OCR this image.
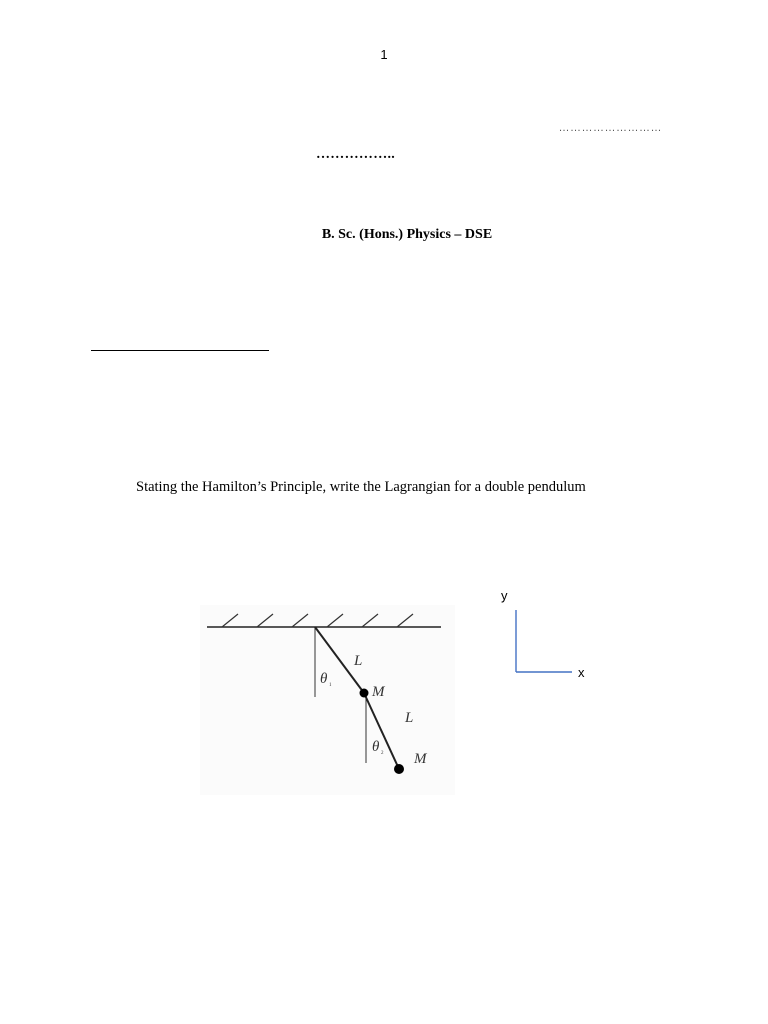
1
………………………
……………..
B. Sc. (Hons.) Physics – DSE
Stating the Hamilton’s Principle, write the Lagrangian for a double pendulum
L
M
L
M
θ 1
θ 2
y
x
